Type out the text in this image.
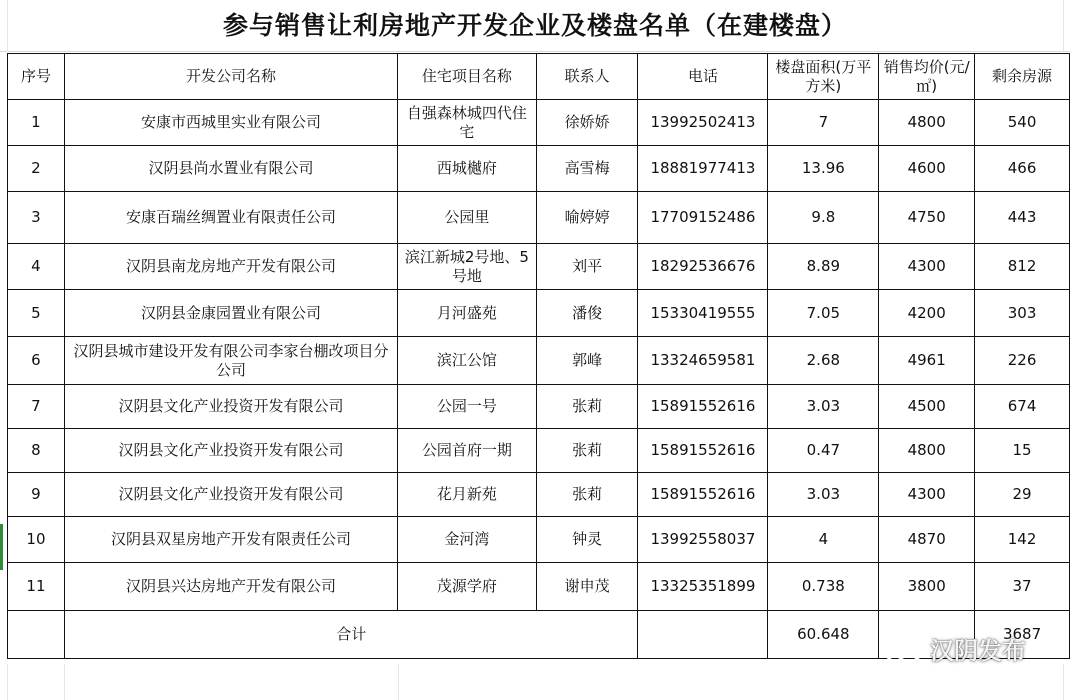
参与销售让利房地产开发企业及楼盘名单（在建楼盘）
序号	开发公司名称	住宅项目名称	联系人	电话	楼盘面积(万平方米)	销售均价(元/㎡)	剩余房源
1	安康市西城里实业有限公司	自强森林城四代住宅	徐娇娇	13992502413	7	4800	540
2	汉阴县尚水置业有限公司	西城樾府	高雪梅	18881977413	13.96	4600	466
3	安康百瑞丝绸置业有限责任公司	公园里	喻婷婷	17709152486	9.8	4750	443
4	汉阴县南龙房地产开发有限公司	滨江新城2号地、5号地	刘平	18292536676	8.89	4300	812
5	汉阴县金康园置业有限公司	月河盛苑	潘俊	15330419555	7.05	4200	303
6	汉阴县城市建设开发有限公司李家台棚改项目分公司	滨江公馆	郭峰	13324659581	2.68	4961	226
7	汉阴县文化产业投资开发有限公司	公园一号	张莉	15891552616	3.03	4500	674
8	汉阴县文化产业投资开发有限公司	公园首府一期	张莉	15891552616	0.47	4800	15
9	汉阴县文化产业投资开发有限公司	花月新苑	张莉	15891552616	3.03	4300	29
10	汉阴县双星房地产开发有限责任公司	金河湾	钟灵	13992558037	4	4870	142
11	汉阴县兴达房地产开发有限公司	茂源学府	谢申茂	13325351899	0.738	3800	37
	合计				60.648		3687
汉阴发布
